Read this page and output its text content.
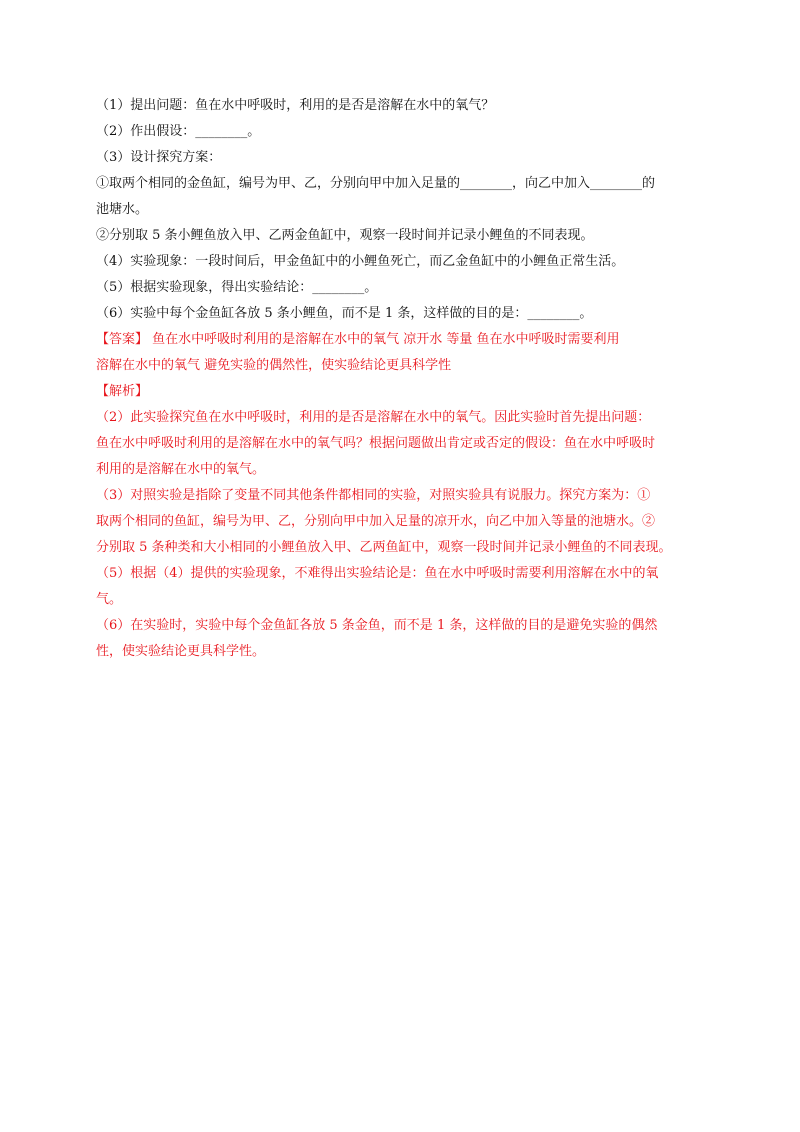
（1）提出问题：鱼在水中呼吸时，利用的是否是溶解在水中的氧气？
（2）作出假设：________。
（3）设计探究方案：
①取两个相同的金鱼缸，编号为甲、乙，分别向甲中加入足量的________，向乙中加入________的
池塘水。
②分别取 5 条小鲤鱼放入甲、乙两金鱼缸中，观察一段时间并记录小鲤鱼的不同表现。
（4）实验现象：一段时间后，甲金鱼缸中的小鲤鱼死亡，而乙金鱼缸中的小鲤鱼正常生活。
（5）根据实验现象，得出实验结论：________。
（6）实验中每个金鱼缸各放 5 条小鲤鱼，而不是 1 条，这样做的目的是：________。
【答案】 鱼在水中呼吸时利用的是溶解在水中的氧气 凉开水 等量 鱼在水中呼吸时需要利用
溶解在水中的氧气 避免实验的偶然性，使实验结论更具科学性
【解析】
（2）此实验探究鱼在水中呼吸时，利用的是否是溶解在水中的氧气。因此实验时首先提出问题：
鱼在水中呼吸时利用的是溶解在水中的氧气吗？根据问题做出肯定或否定的假设：鱼在水中呼吸时
利用的是溶解在水中的氧气。
（3）对照实验是指除了变量不同其他条件都相同的实验，对照实验具有说服力。探究方案为：①
取两个相同的鱼缸，编号为甲、乙，分别向甲中加入足量的凉开水，向乙中加入等量的池塘水。②
分别取 5 条种类和大小相同的小鲤鱼放入甲、乙两鱼缸中，观察一段时间并记录小鲤鱼的不同表现。
（5）根据（4）提供的实验现象，不难得出实验结论是：鱼在水中呼吸时需要利用溶解在水中的氧
气。
（6）在实验时，实验中每个金鱼缸各放 5 条金鱼，而不是 1 条，这样做的目的是避免实验的偶然
性，使实验结论更具科学性。
